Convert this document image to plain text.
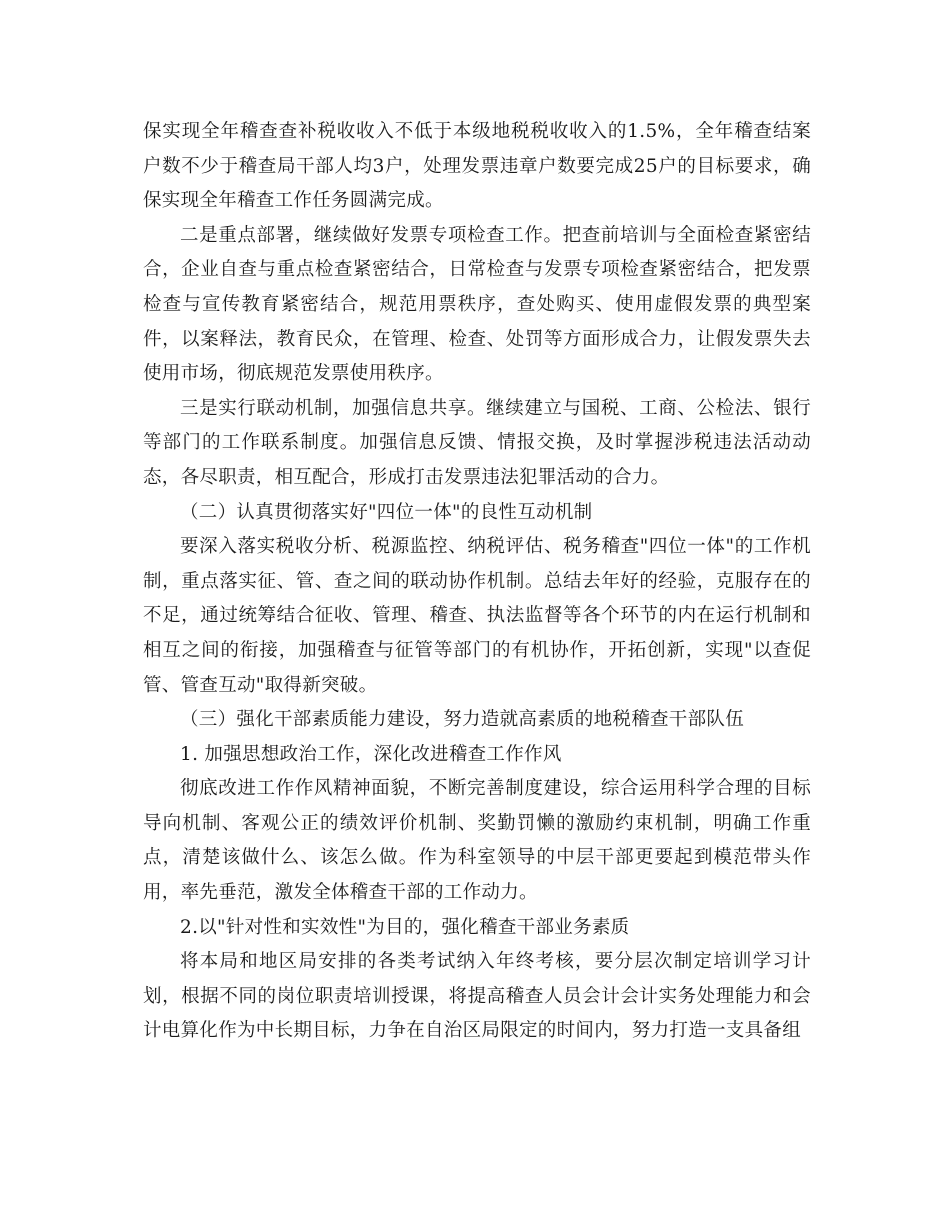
保实现全年稽查查补税收收入不低于本级地税税收收入的1.5%，全年稽查结案户数不少于稽查局干部人均3户，处理发票违章户数要完成25户的目标要求，确保实现全年稽查工作任务圆满完成。

二是重点部署，继续做好发票专项检查工作。把查前培训与全面检查紧密结合，企业自查与重点检查紧密结合，日常检查与发票专项检查紧密结合，把发票检查与宣传教育紧密结合，规范用票秩序，查处购买、使用虚假发票的典型案件，以案释法，教育民众，在管理、检查、处罚等方面形成合力，让假发票失去使用市场，彻底规范发票使用秩序。

三是实行联动机制，加强信息共享。继续建立与国税、工商、公检法、银行等部门的工作联系制度。加强信息反馈、情报交换，及时掌握涉税违法活动动态，各尽职责，相互配合，形成打击发票违法犯罪活动的合力。

（二）认真贯彻落实好"四位一体"的良性互动机制

要深入落实税收分析、税源监控、纳税评估、税务稽查"四位一体"的工作机制，重点落实征、管、查之间的联动协作机制。总结去年好的经验，克服存在的不足，通过统筹结合征收、管理、稽查、执法监督等各个环节的内在运行机制和相互之间的衔接，加强稽查与征管等部门的有机协作，开拓创新，实现"以查促管、管查互动"取得新突破。

（三）强化干部素质能力建设，努力造就高素质的地税稽查干部队伍

1. 加强思想政治工作，深化改进稽查工作作风

彻底改进工作作风精神面貌，不断完善制度建设，综合运用科学合理的目标导向机制、客观公正的绩效评价机制、奖勤罚懒的激励约束机制，明确工作重点，清楚该做什么、该怎么做。作为科室领导的中层干部更要起到模范带头作用，率先垂范，激发全体稽查干部的工作动力。

2.以"针对性和实效性"为目的，强化稽查干部业务素质

将本局和地区局安排的各类考试纳入年终考核，要分层次制定培训学习计划，根据不同的岗位职责培训授课，将提高稽查人员会计会计实务处理能力和会计电算化作为中长期目标，力争在自治区局限定的时间内，努力打造一支具备组
